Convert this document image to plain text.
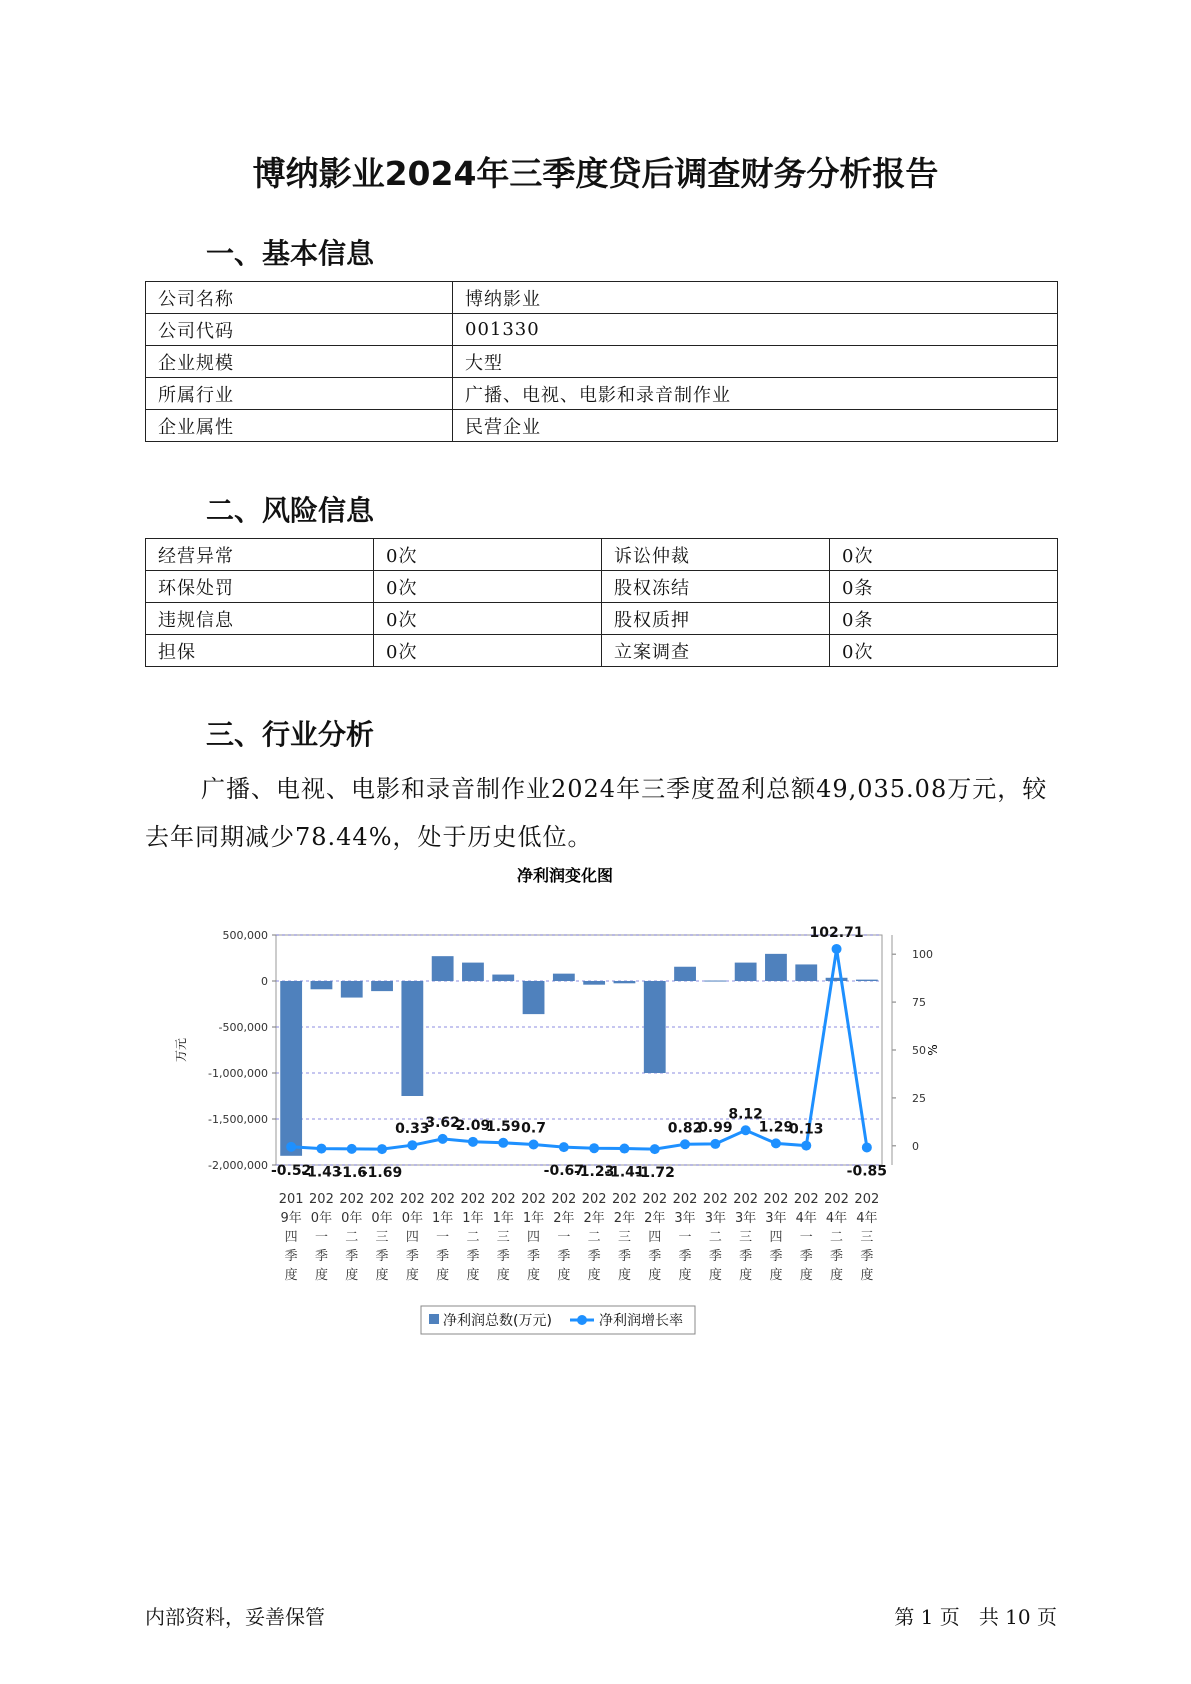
博纳影业2024年三季度贷后调查财务分析报告
一、基本信息
公司名称	博纳影业
公司代码	001330
企业规模	大型
所属行业	广播、电视、电影和录音制作业
企业属性	民营企业
二、风险信息
经营异常	0次	诉讼仲裁	0次
环保处罚	0次	股权冻结	0条
违规信息	0次	股权质押	0条
担保	0次	立案调查	0次
三、行业分析

广播、电视、电影和录音制作业2024年三季度盈利总额49,035.08万元，较去年同期减少78.44%，处于历史低位。

净利润变化图
500,000
0
-500,000
-1,000,000
-1,500,000
-2,000,000
100
75
50
25
0
万元	%
-0.52
-1.43
-1.6
-1.69
0.33
3.62
2.09
1.59 0.7
-0.67
-1.23
-1.41
-1.72
0.82
0.99
8.12
1.29
0.13
102.71
-0.85
201 9年四季度
202 0年一季度
202 0年二季度
202 0年三季度
202 0年四季度
202 1年一季度
202 1年二季度
202 1年三季度
202 1年四季度
202 2年一季度
202 2年二季度
202 2年三季度
202 2年四季度
202 3年一季度
202 3年二季度
202 3年三季度
202 3年四季度
202 4年一季度
202 4年二季度
202 4年三季度
净利润总数(万元)	净利润增长率
内部资料，妥善保管	第 1 页   共 10 页
